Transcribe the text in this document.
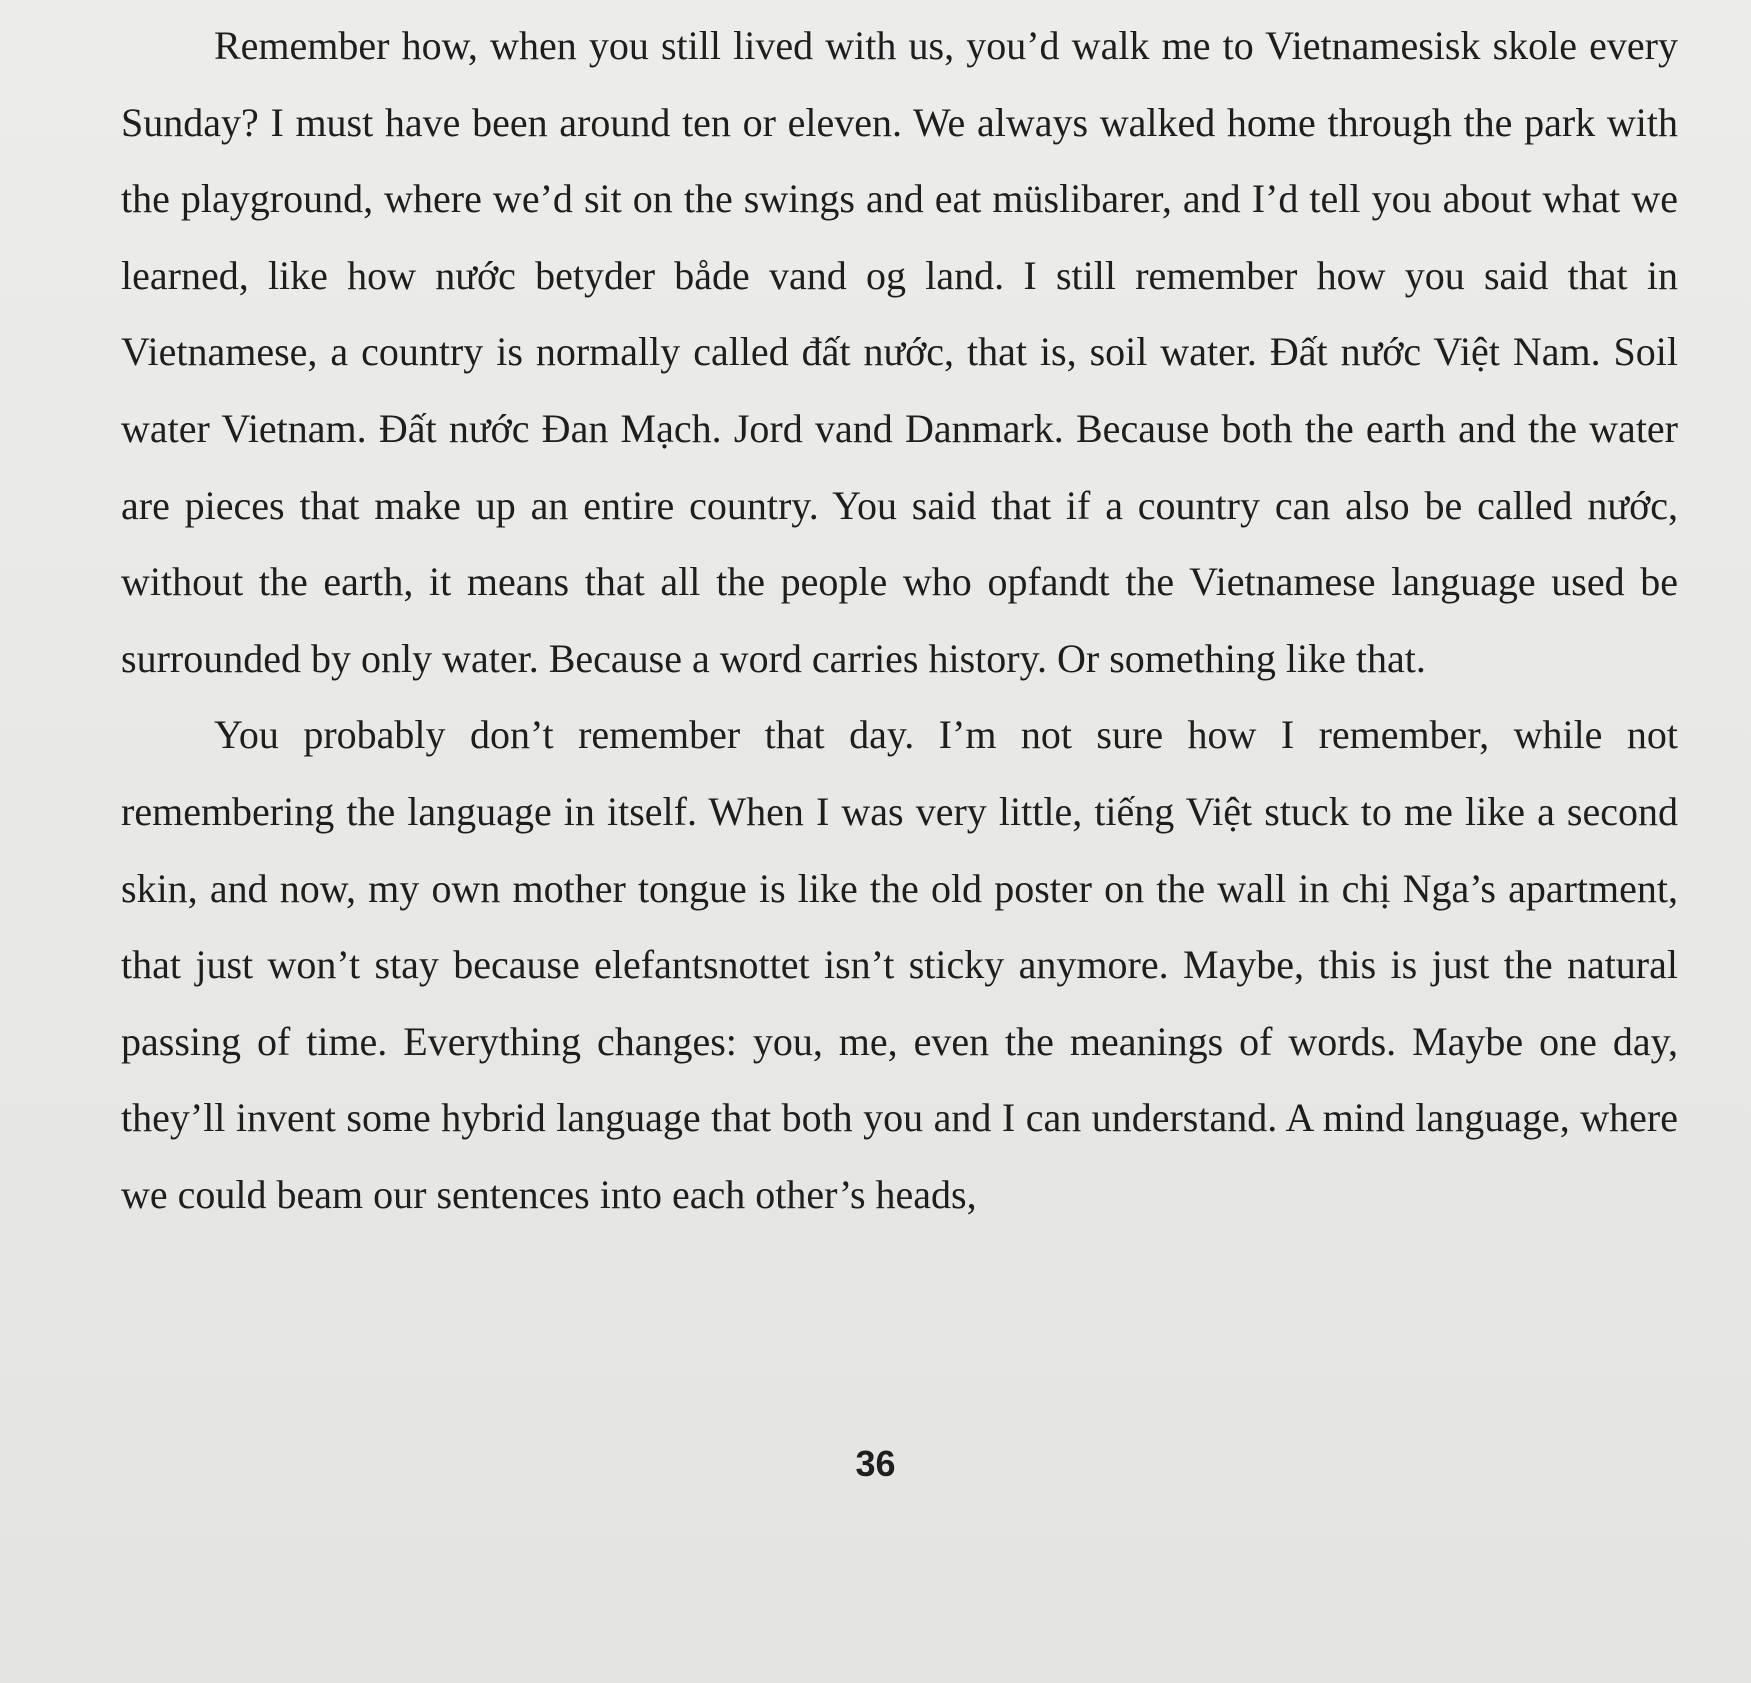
Remember how, when you still lived with us, you’d walk me to Vietnamesisk skole every Sunday? I must have been around ten or eleven. We always walked home through the park with the playground, where we’d sit on the swings and eat müslibarer, and I’d tell you about what we learned, like how nước betyder både vand og land. I still remember how you said that in Vietnamese, a country is normally called đất nước, that is, soil water. Đất nước Việt Nam. Soil water Vietnam. Đất nước Đan Mạch. Jord vand Danmark. Because both the earth and the water are pieces that make up an entire country. You said that if a country can also be called nước, without the earth, it means that all the people who opfandt the Vietnamese language used be surrounded by only water. Because a word carries history. Or something like that.

You probably don’t remember that day. I’m not sure how I remember, while not remembering the language in itself. When I was very little, tiếng Việt stuck to me like a second skin, and now, my own mother tongue is like the old poster on the wall in chị Nga’s apartment, that just won’t stay because elefantsnottet isn’t sticky anymore. Maybe, this is just the natural passing of time. Everything changes: you, me, even the meanings of words. Maybe one day, they’ll invent some hybrid language that both you and I can understand. A mind language, where we could beam our sentences into each other’s heads,

36
